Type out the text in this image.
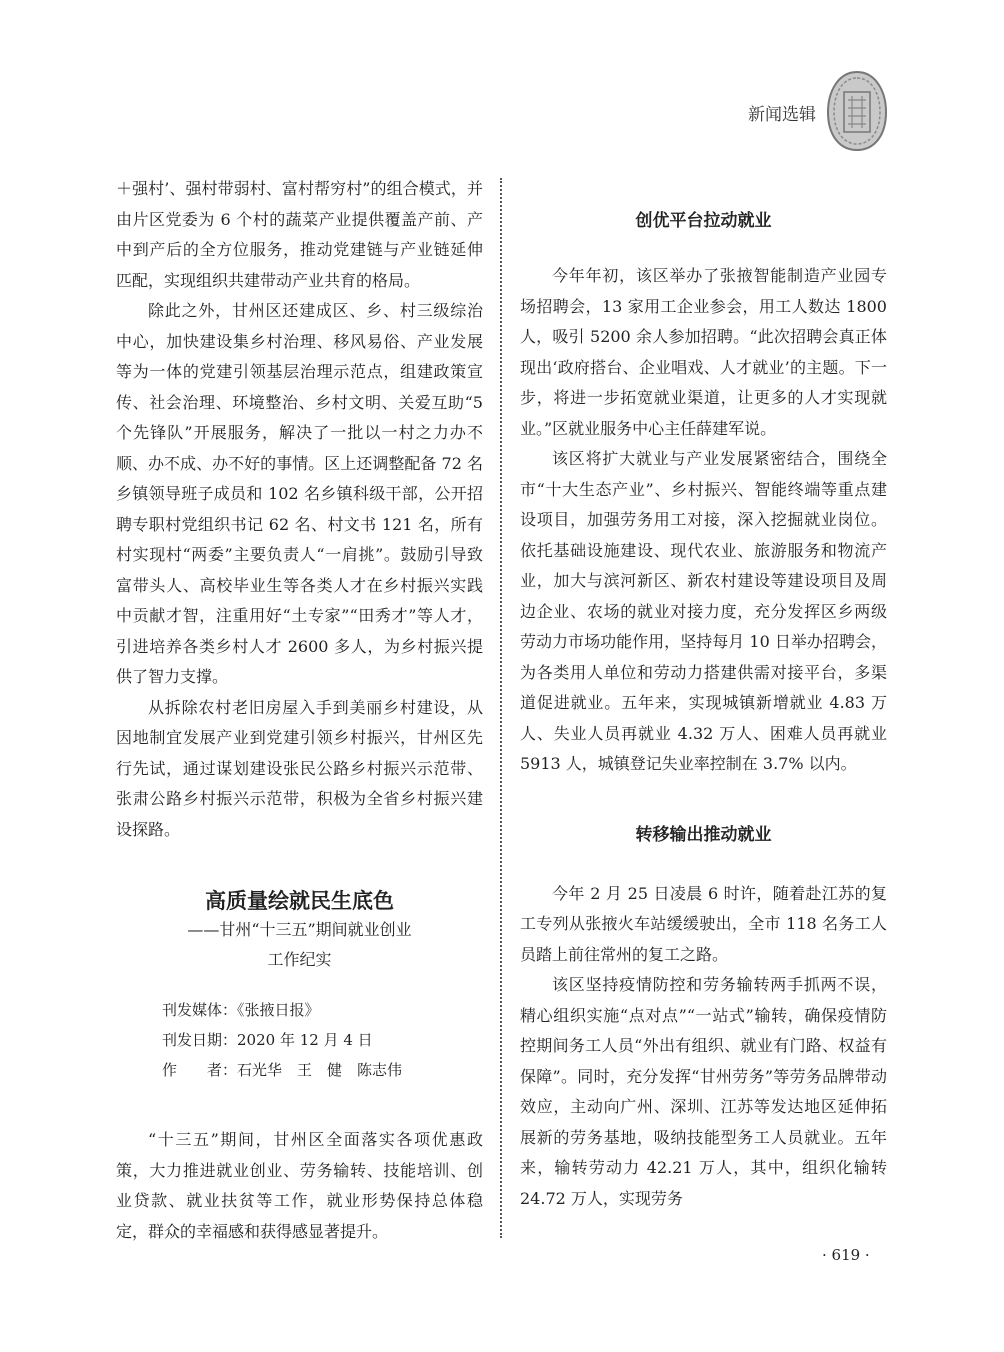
新闻选辑

＋强村’、强村带弱村、富村帮穷村”的组合模式，并由片区党委为 6 个村的蔬菜产业提供覆盖产前、产中到产后的全方位服务，推动党建链与产业链延伸匹配，实现组织共建带动产业共育的格局。

除此之外，甘州区还建成区、乡、村三级综治中心，加快建设集乡村治理、移风易俗、产业发展等为一体的党建引领基层治理示范点，组建政策宣传、社会治理、环境整治、乡村文明、关爱互助“5 个先锋队”开展服务，解决了一批以一村之力办不顺、办不成、办不好的事情。区上还调整配备 72 名乡镇领导班子成员和 102 名乡镇科级干部，公开招聘专职村党组织书记 62 名、村文书 121 名，所有村实现村“两委”主要负责人“一肩挑”。鼓励引导致富带头人、高校毕业生等各类人才在乡村振兴实践中贡献才智，注重用好“土专家”“田秀才”等人才，引进培养各类乡村人才 2600 多人，为乡村振兴提供了智力支撑。

从拆除农村老旧房屋入手到美丽乡村建设，从因地制宜发展产业到党建引领乡村振兴，甘州区先行先试，通过谋划建设张民公路乡村振兴示范带、张肃公路乡村振兴示范带，积极为全省乡村振兴建设探路。

高质量绘就民生底色
——甘州“十三五”期间就业创业
工作纪实
刊发媒体：《张掖日报》
刊发日期：2020 年 12 月 4 日
作　　者：石光华　王　健　陈志伟

“十三五”期间，甘州区全面落实各项优惠政策，大力推进就业创业、劳务输转、技能培训、创业贷款、就业扶贫等工作，就业形势保持总体稳定，群众的幸福感和获得感显著提升。

创优平台拉动就业

今年年初，该区举办了张掖智能制造产业园专场招聘会，13 家用工企业参会，用工人数达 1800 人，吸引 5200 余人参加招聘。“此次招聘会真正体现出‘政府搭台、企业唱戏、人才就业’的主题。下一步，将进一步拓宽就业渠道，让更多的人才实现就业。”区就业服务中心主任薛建军说。

该区将扩大就业与产业发展紧密结合，围绕全市“十大生态产业”、乡村振兴、智能终端等重点建设项目，加强劳务用工对接，深入挖掘就业岗位。依托基础设施建设、现代农业、旅游服务和物流产业，加大与滨河新区、新农村建设等建设项目及周边企业、农场的就业对接力度，充分发挥区乡两级劳动力市场功能作用，坚持每月 10 日举办招聘会，为各类用人单位和劳动力搭建供需对接平台，多渠道促进就业。五年来，实现城镇新增就业 4.83 万人、失业人员再就业 4.32 万人、困难人员再就业 5913 人，城镇登记失业率控制在 3.7% 以内。

转移输出推动就业

今年 2 月 25 日凌晨 6 时许，随着赴江苏的复工专列从张掖火车站缓缓驶出，全市 118 名务工人员踏上前往常州的复工之路。

该区坚持疫情防控和劳务输转两手抓两不误，精心组织实施“点对点”“一站式”输转，确保疫情防控期间务工人员“外出有组织、就业有门路、权益有保障”。同时，充分发挥“甘州劳务”等劳务品牌带动效应，主动向广州、深圳、江苏等发达地区延伸拓展新的劳务基地，吸纳技能型务工人员就业。五年来，输转劳动力 42.21 万人，其中，组织化输转 24.72 万人，实现劳务

· 619 ·
